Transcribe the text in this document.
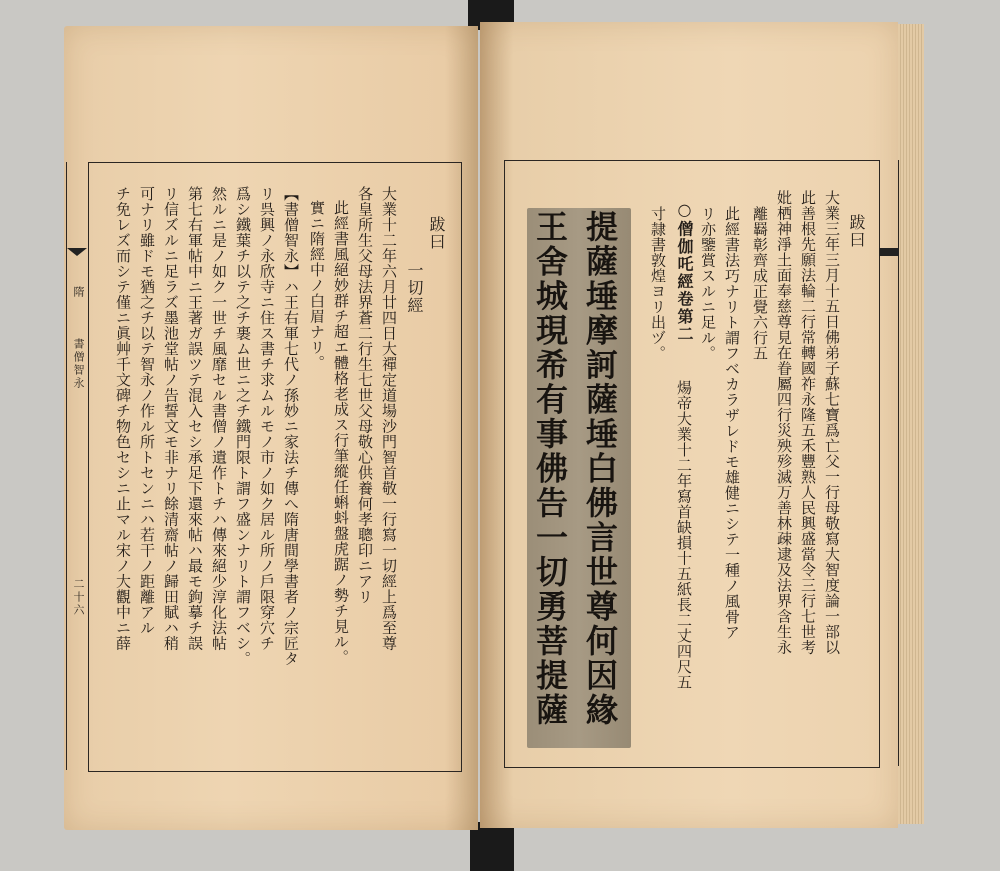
隋
書僧智永
二十六
跋曰
一切經
大業十二年六月廿四日大禪定道場沙門智首敬一行寫一切經上爲至尊
各皇所生父母法界蒼二行生七世父母敬心供養何孝聰印ニアリ
此經書風絕妙群チ超エ體格老成ス行筆縱任蝌蚪盤虎踞ノ勢チ見ル。
實ニ隋經中ノ白眉ナリ。
【書僧智永】ハ王右軍七代ノ孫妙ニ家法チ傳へ隋唐間學書者ノ宗匠タ
リ呉興ノ永欣寺ニ住ス書チ求ムルモノ市ノ如ク居ル所ノ戶限穿穴チ
爲シ鐵葉チ以テ之チ裹ム世ニ之チ鐵門限ト謂フ盛ンナリト謂フベシ。
然ルニ是ノ如ク一世チ風靡セル書僧ノ遺作トチハ傳來絕少淳化法帖
第七右軍帖中ニ王著ガ誤ツテ混入セシ承足下還來帖ハ最モ鉤摹チ誤
リ信ズルニ足ラズ墨池堂帖ノ告誓文モ非ナリ餘清齋帖ノ歸田賦ハ稍
可ナリ雖ドモ猶之チ以テ智永ノ作ル所トセンニハ若干ノ距離アル
チ免レズ而シテ僅ニ眞艸千文碑チ物色セシニ止マル宋ノ大觀中ニ薛	跋曰
大業三年三月十五日佛弟子蘇七寶爲亡父一行母敬寫大智度論一部以
此善根先願法輪二行常轉國祚永隆五禾豐熟人民興盛當令三行七世考
妣栖神淨土面奉慈尊見在眷屬四行災殃殄滅万善林疎逮及法界含生永
離羇彰齊成正覺六行五
此經書法巧ナリト謂フベカラザレドモ雄健ニシテ一種ノ風骨ア
リ亦鑒賞スルニ足ル。
○僧伽吒經卷第二
煬帝大業十二年寫首缺損十五紙長二丈四尺五
寸隷書敦煌ヨリ出ヅ。
提薩埵摩訶薩埵白佛言世尊何因緣
王舍城現希有事佛告一切勇菩提薩
